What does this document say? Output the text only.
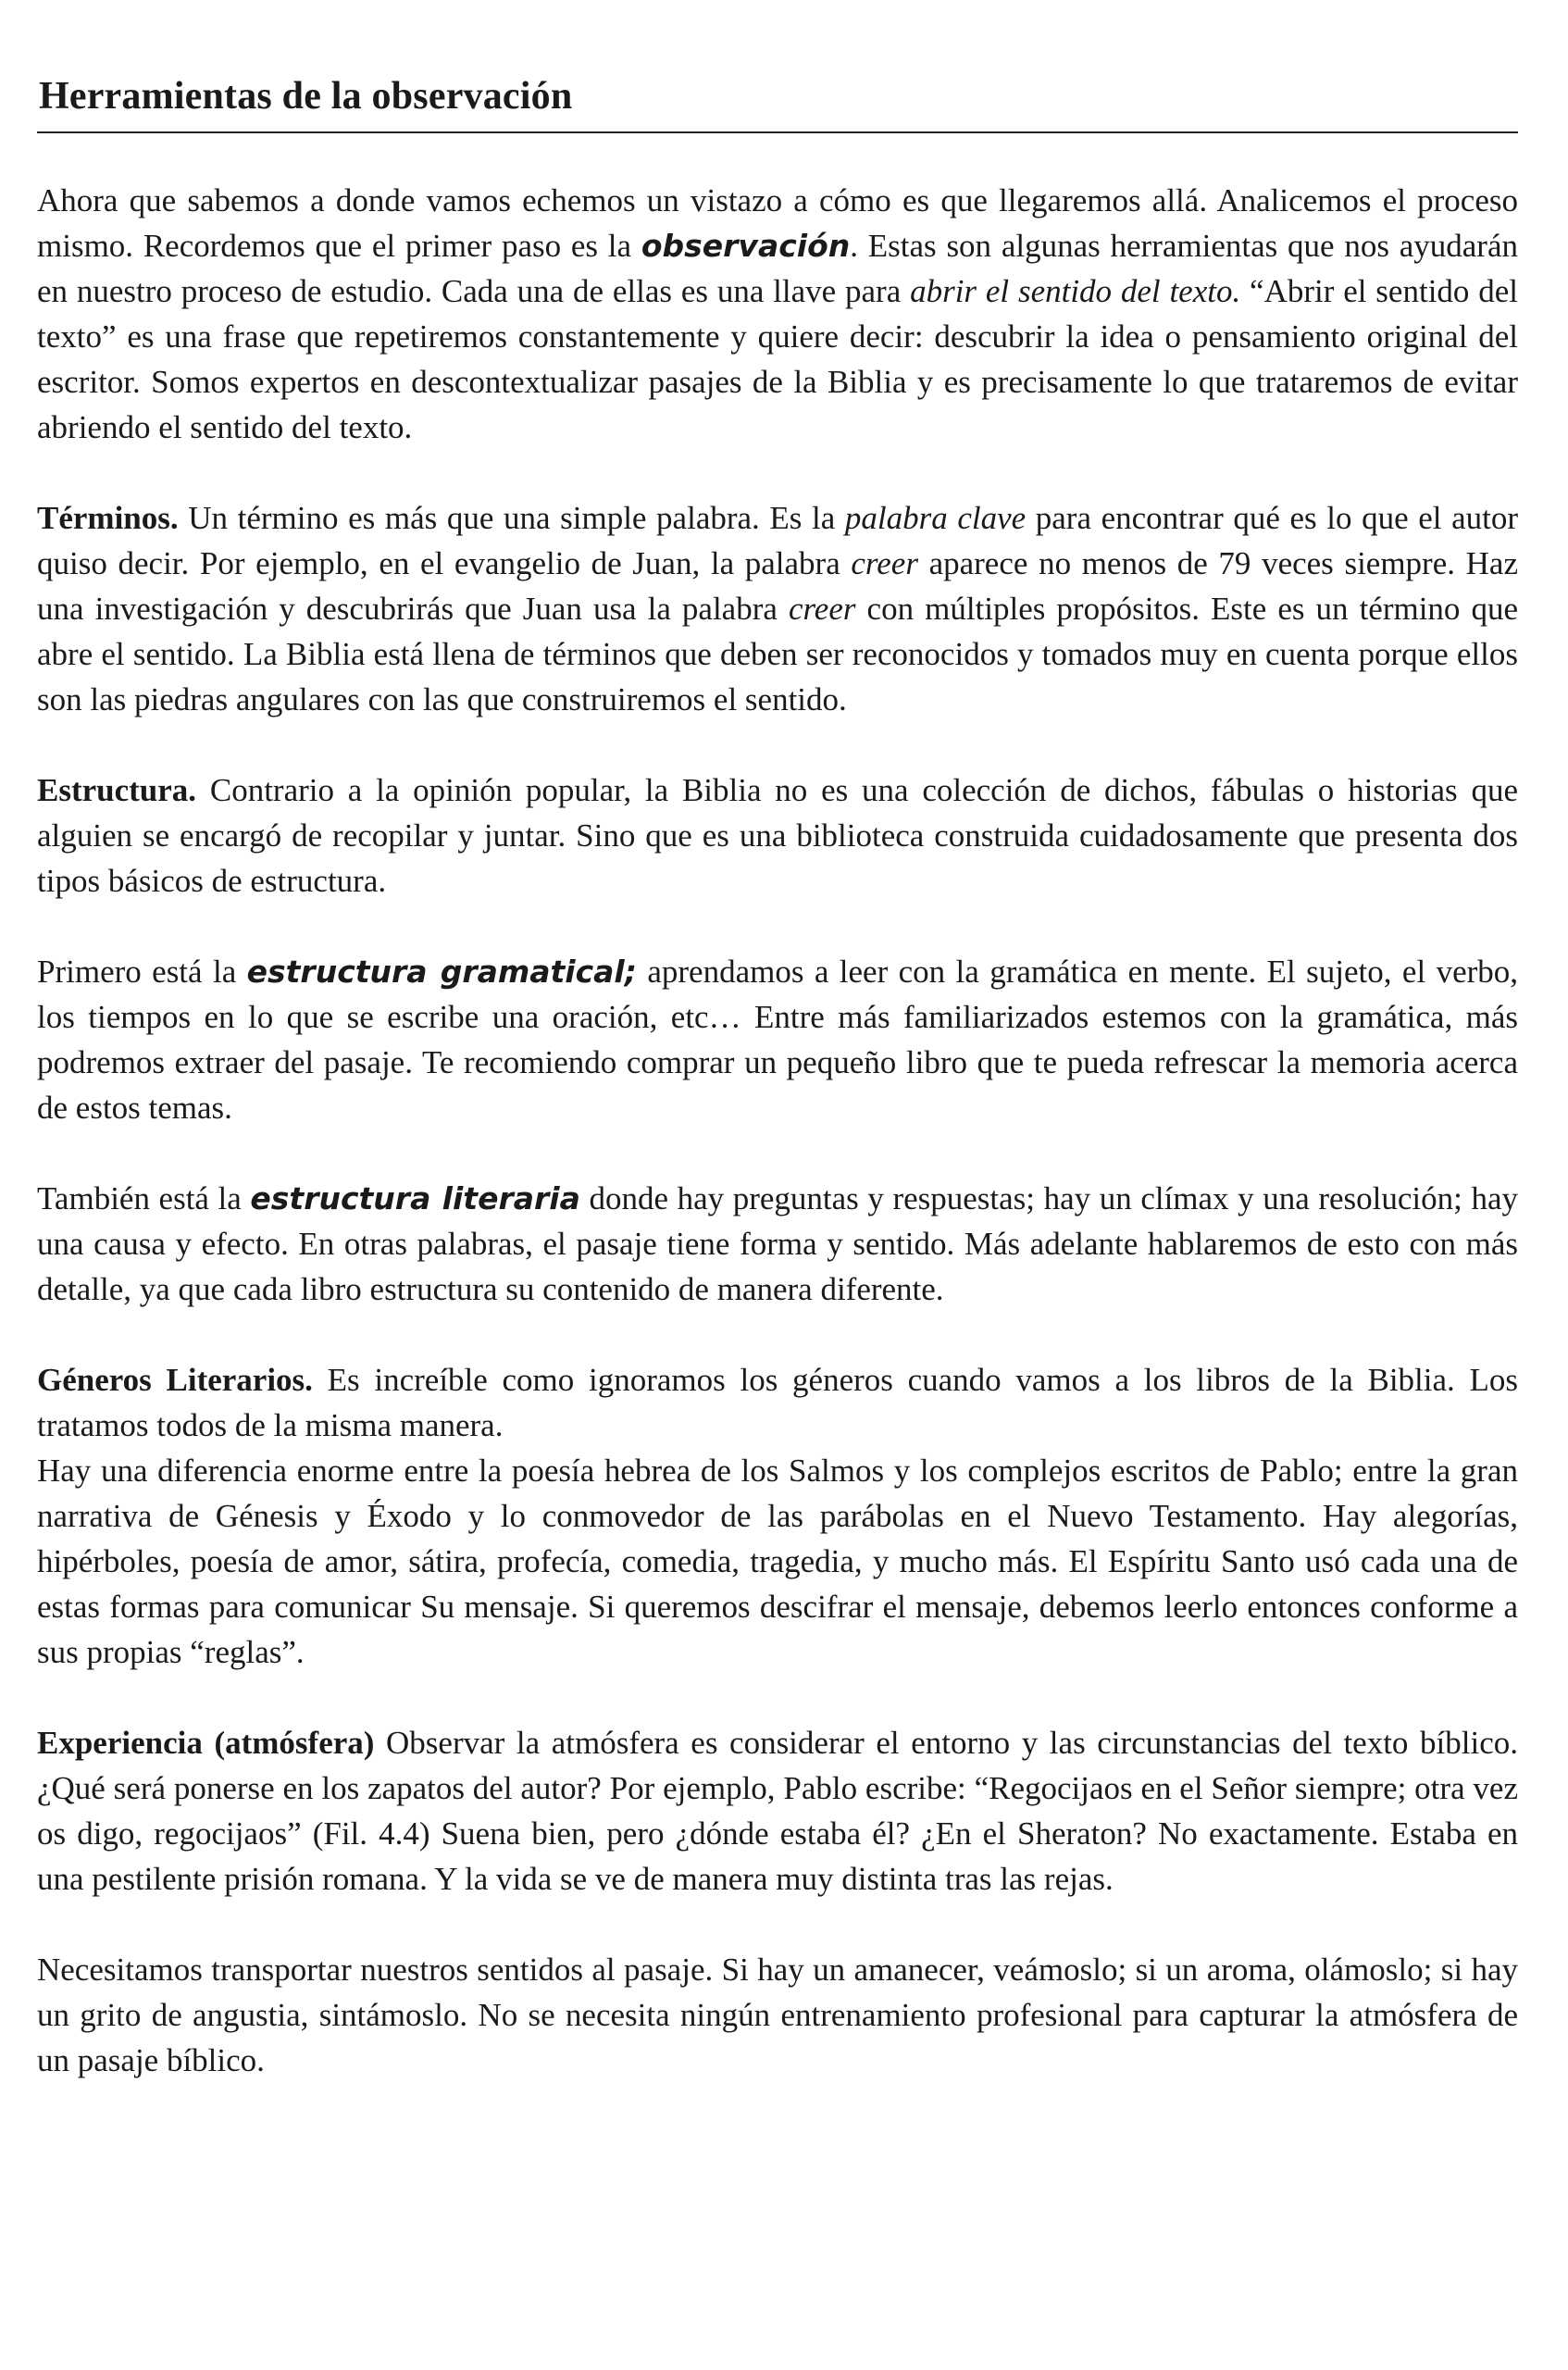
Herramientas de la observación

Ahora que sabemos a donde vamos echemos un vistazo a cómo es que llegaremos allá. Analicemos el proceso mismo. Recordemos que el primer paso es la observación. Estas son algunas herramientas que nos ayudarán en nuestro proceso de estudio. Cada una de ellas es una llave para abrir el sentido del texto. “Abrir el sentido del texto” es una frase que repetiremos constantemente y quiere decir: descubrir la idea o pensamiento original del escritor. Somos expertos en descontextualizar pasajes de la Biblia y es precisamente lo que trataremos de evitar abriendo el sentido del texto.

Términos. Un término es más que una simple palabra. Es la palabra clave para encontrar qué es lo que el autor quiso decir. Por ejemplo, en el evangelio de Juan, la palabra creer aparece no menos de 79 veces siempre. Haz una investigación y descubrirás que Juan usa la palabra creer con múltiples propósitos. Este es un término que abre el sentido. La Biblia está llena de términos que deben ser reconocidos y tomados muy en cuenta porque ellos son las piedras angulares con las que construiremos el sentido.

Estructura. Contrario a la opinión popular, la Biblia no es una colección de dichos, fábulas o historias que alguien se encargó de recopilar y juntar. Sino que es una biblioteca construida cuidadosamente que presenta dos tipos básicos de estructura.

Primero está la estructura gramatical; aprendamos a leer con la gramática en mente. El sujeto, el verbo, los tiempos en lo que se escribe una oración, etc… Entre más familiarizados estemos con la gramática, más podremos extraer del pasaje. Te recomiendo comprar un pequeño libro que te pueda refrescar la memoria acerca de estos temas.

También está la estructura literaria donde hay preguntas y respuestas; hay un clímax y una resolución; hay una causa y efecto. En otras palabras, el pasaje tiene forma y sentido. Más adelante hablaremos de esto con más detalle, ya que cada libro estructura su contenido de manera diferente.

Géneros Literarios. Es increíble como ignoramos los géneros cuando vamos a los libros de la Biblia. Los tratamos todos de la misma manera.

Hay una diferencia enorme entre la poesía hebrea de los Salmos y los complejos escritos de Pablo; entre la gran narrativa de Génesis y Éxodo y lo conmovedor de las parábolas en el Nuevo Testamento. Hay alegorías, hipérboles, poesía de amor, sátira, profecía, comedia, tragedia, y mucho más. El Espíritu Santo usó cada una de estas formas para comunicar Su mensaje. Si queremos descifrar el mensaje, debemos leerlo entonces conforme a sus propias “reglas”.

Experiencia (atmósfera) Observar la atmósfera es considerar el entorno y las circunstancias del texto bíblico. ¿Qué será ponerse en los zapatos del autor? Por ejemplo, Pablo escribe: “Regocijaos en el Señor siempre; otra vez os digo, regocijaos” (Fil. 4.4) Suena bien, pero ¿dónde estaba él? ¿En el Sheraton? No exactamente. Estaba en una pestilente prisión romana. Y la vida se ve de manera muy distinta tras las rejas.

Necesitamos transportar nuestros sentidos al pasaje. Si hay un amanecer, veámoslo; si un aroma, olámoslo; si hay un grito de angustia, sintámoslo. No se necesita ningún entrenamiento profesional para capturar la atmósfera de un pasaje bíblico.
